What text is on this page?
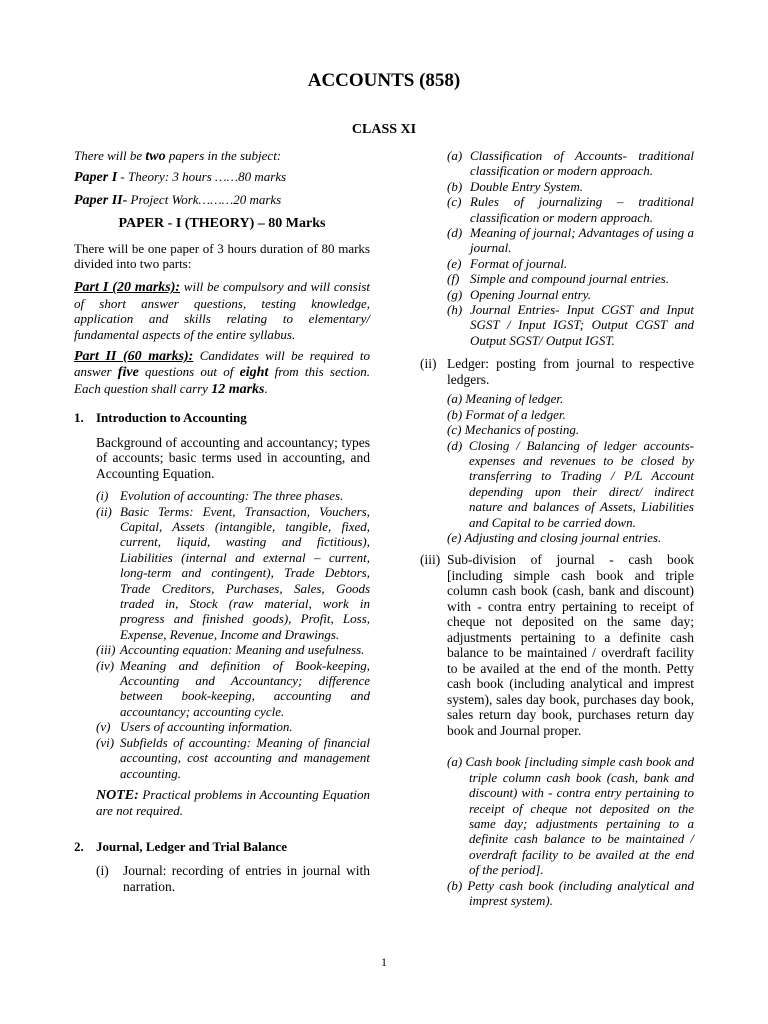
ACCOUNTS (858)
CLASS XI

There will be two papers in the subject:

Paper I - Theory: 3 hours ……80 marks

Paper II- Project Work………20 marks

PAPER - I (THEORY) – 80 Marks

There will be one paper of 3 hours duration of 80 marks divided into two parts:

Part I (20 marks): will be compulsory and will consist of short answer questions, testing knowledge, application and skills relating to elementary/ fundamental aspects of the entire syllabus.

Part II (60 marks): Candidates will be required to answer five questions out of eight from this section. Each question shall carry 12 marks.

1. Introduction to Accounting

Background of accounting and accountancy; types of accounts; basic terms used in accounting, and Accounting Equation.

(i) Evolution of accounting: The three phases.
(ii) Basic Terms: Event, Transaction, Vouchers, Capital, Assets (intangible, tangible, fixed, current, liquid, wasting and fictitious), Liabilities (internal and external – current, long-term and contingent), Trade Debtors, Trade Creditors, Purchases, Sales, Goods traded in, Stock (raw material, work in progress and finished goods), Profit, Loss, Expense, Revenue, Income and Drawings.
(iii) Accounting equation: Meaning and usefulness.
(iv) Meaning and definition of Book-keeping, Accounting and Accountancy; difference between book-keeping, accounting and accountancy; accounting cycle.
(v) Users of accounting information.
(vi) Subfields of accounting: Meaning of financial accounting, cost accounting and management accounting.

NOTE: Practical problems in Accounting Equation are not required.

2. Journal, Ledger and Trial Balance

(i) Journal: recording of entries in journal with narration.

(a) Classification of Accounts- traditional classification or modern approach.
(b) Double Entry System.
(c) Rules of journalizing – traditional classification or modern approach.
(d) Meaning of journal; Advantages of using a journal.
(e) Format of journal.
(f) Simple and compound journal entries.
(g) Opening Journal entry.
(h) Journal Entries- Input CGST and Input SGST / Input IGST; Output CGST and Output SGST/ Output IGST.

(ii) Ledger: posting from journal to respective ledgers.

(a) Meaning of ledger.
(b) Format of a ledger.
(c) Mechanics of posting.
(d) Closing / Balancing of ledger accounts- expenses and revenues to be closed by transferring to Trading / P/L Account depending upon their direct/ indirect nature and balances of Assets, Liabilities and Capital to be carried down.
(e) Adjusting and closing journal entries.

(iii) Sub-division of journal - cash book [including simple cash book and triple column cash book (cash, bank and discount) with - contra entry pertaining to receipt of cheque not deposited on the same day; adjustments pertaining to a definite cash balance to be maintained / overdraft facility to be availed at the end of the month. Petty cash book (including analytical and imprest system), sales day book, purchases day book, sales return day book, purchases return day book and Journal proper.

(a) Cash book [including simple cash book and triple column cash book (cash, bank and discount) with - contra entry pertaining to receipt of cheque not deposited on the same day; adjustments pertaining to a definite cash balance to be maintained / overdraft facility to be availed at the end of the period].
(b) Petty cash book (including analytical and imprest system).
1
